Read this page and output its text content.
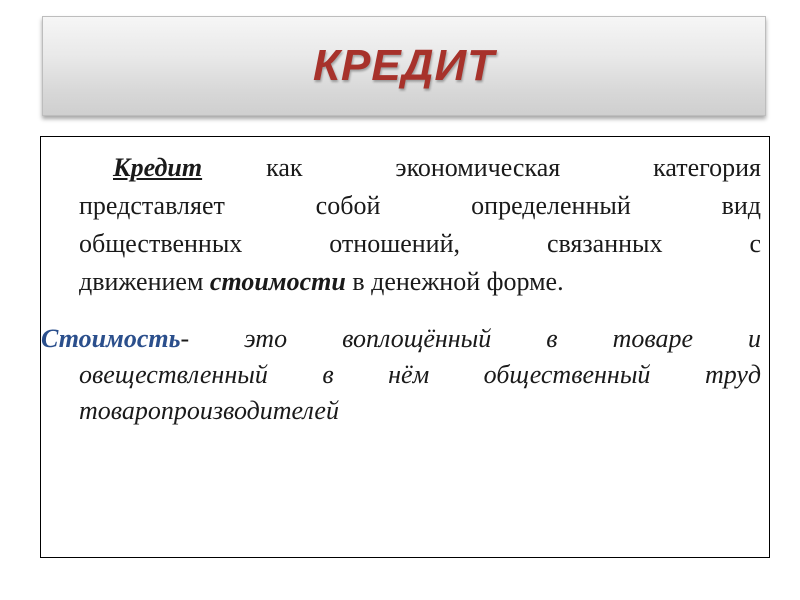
КРЕДИТ
Кредит	как экономическая категория
представляет собой определенный вид
общественных отношений, связанных с
движением стоимости в денежной форме.
Стоимость - это воплощённый в товаре и
овеществленный в нём общественный труд
товаропроизводителей
